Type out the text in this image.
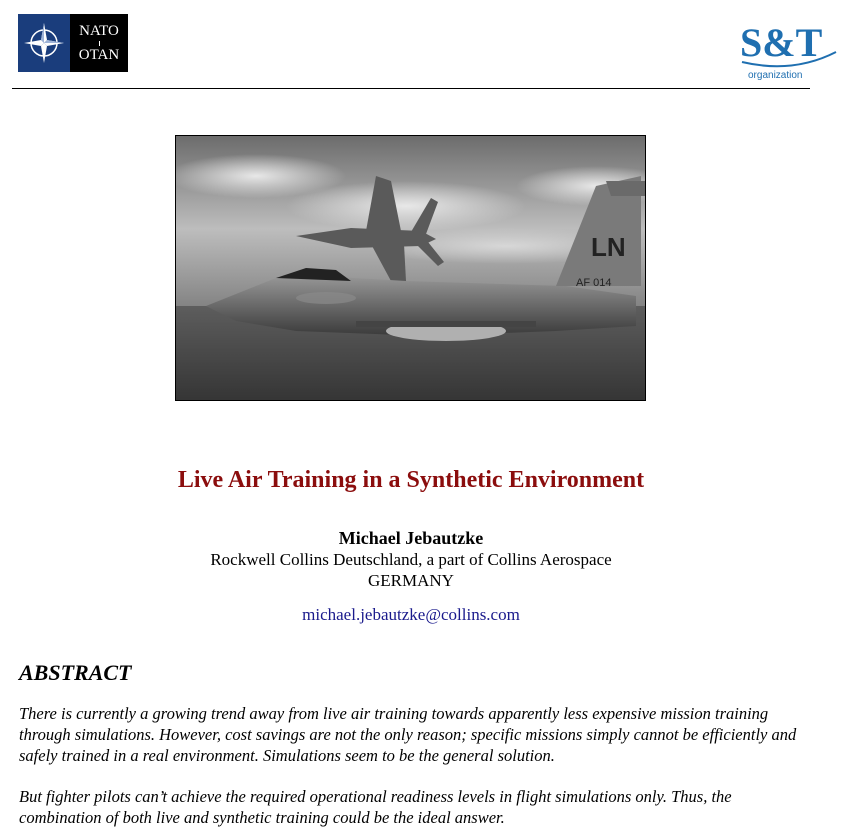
NATO
OTAN	S&T
organization
LN
AF 014
Live Air Training in a Synthetic Environment
Michael Jebautzke
Rockwell Collins Deutschland, a part of Collins Aerospace
GERMANY
michael.jebautzke@collins.com
ABSTRACT

There is currently a growing trend away from live air training towards apparently less expensive mission training through simulations. However, cost savings are not the only reason; specific missions simply cannot be efficiently and safely trained in a real environment. Simulations seem to be the general solution.

But fighter pilots can’t achieve the required operational readiness levels in flight simulations only. Thus, the combination of both live and synthetic training could be the ideal answer.
